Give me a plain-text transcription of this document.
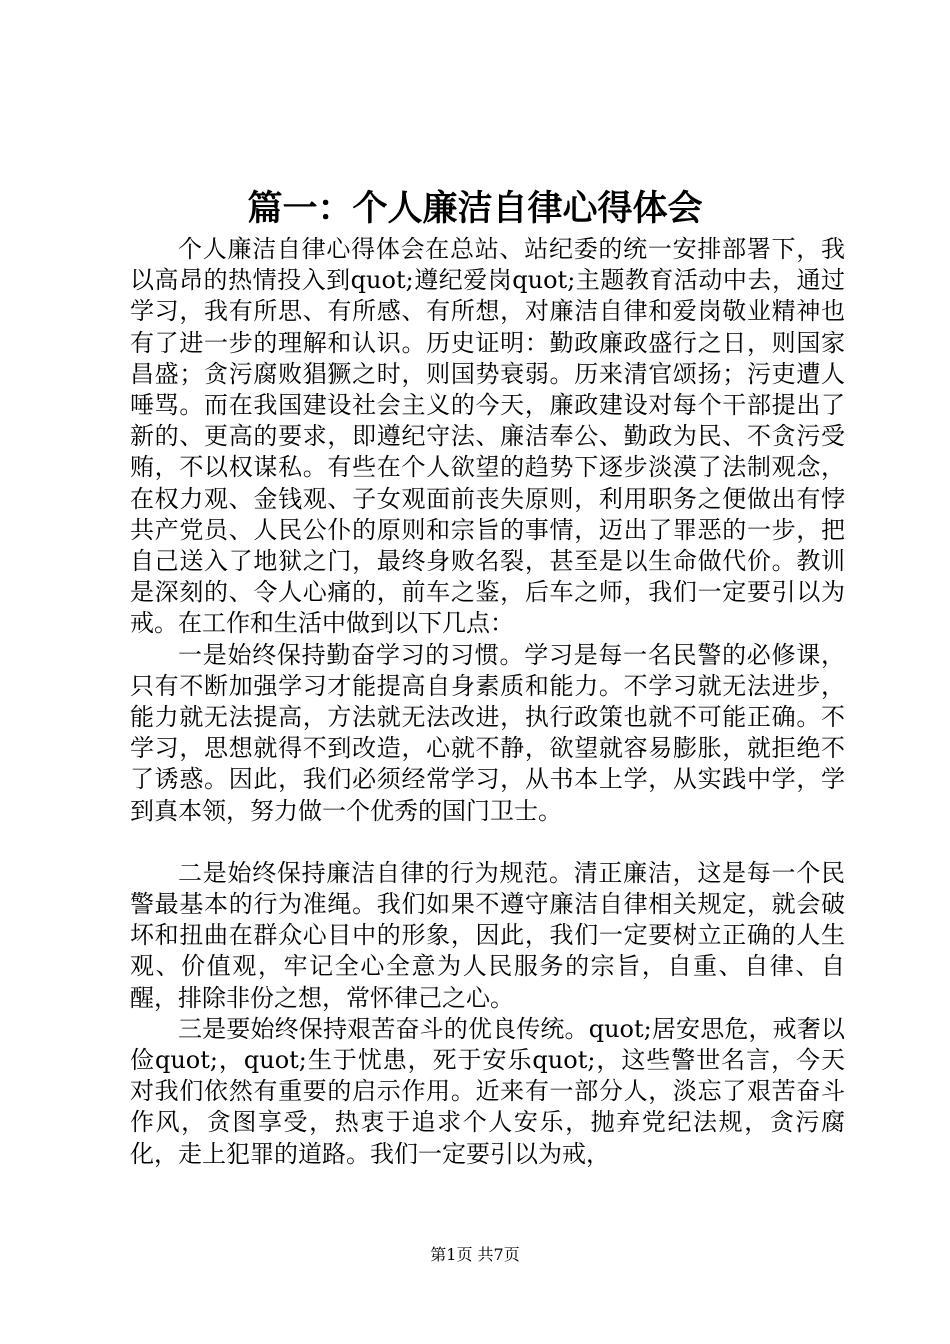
篇一：个人廉洁自律心得体会

个人廉洁自律心得体会在总站、站纪委的统一安排部署下，我以高昂的热情投入到quot;遵纪爱岗quot;主题教育活动中去，通过学习，我有所思、有所感、有所想，对廉洁自律和爱岗敬业精神也有了进一步的理解和认识。历史证明：勤政廉政盛行之日，则国家昌盛；贪污腐败猖獗之时，则国势衰弱。历来清官颂扬；污吏遭人唾骂。而在我国建设社会主义的今天，廉政建设对每个干部提出了新的、更高的要求，即遵纪守法、廉洁奉公、勤政为民、不贪污受贿，不以权谋私。有些在个人欲望的趋势下逐步淡漠了法制观念，在权力观、金钱观、子女观面前丧失原则，利用职务之便做出有悖共产党员、人民公仆的原则和宗旨的事情，迈出了罪恶的一步，把自己送入了地狱之门，最终身败名裂，甚至是以生命做代价。教训是深刻的、令人心痛的，前车之鉴，后车之师，我们一定要引以为戒。在工作和生活中做到以下几点：

一是始终保持勤奋学习的习惯。学习是每一名民警的必修课，只有不断加强学习才能提高自身素质和能力。不学习就无法进步，能力就无法提高，方法就无法改进，执行政策也就不可能正确。不学习，思想就得不到改造，心就不静，欲望就容易膨胀，就拒绝不了诱惑。因此，我们必须经常学习，从书本上学，从实践中学，学到真本领，努力做一个优秀的国门卫士。

二是始终保持廉洁自律的行为规范。清正廉洁，这是每一个民警最基本的行为准绳。我们如果不遵守廉洁自律相关规定，就会破坏和扭曲在群众心目中的形象，因此，我们一定要树立正确的人生观、价值观，牢记全心全意为人民服务的宗旨，自重、自律、自醒，排除非份之想，常怀律己之心。

三是要始终保持艰苦奋斗的优良传统。quot;居安思危，戒奢以俭quot;，quot;生于忧患，死于安乐quot;，这些警世名言，今天对我们依然有重要的启示作用。近来有一部分人，淡忘了艰苦奋斗作风，贪图享受，热衷于追求个人安乐，抛弃党纪法规，贪污腐化，走上犯罪的道路。我们一定要引以为戒，

第1页 共7页
